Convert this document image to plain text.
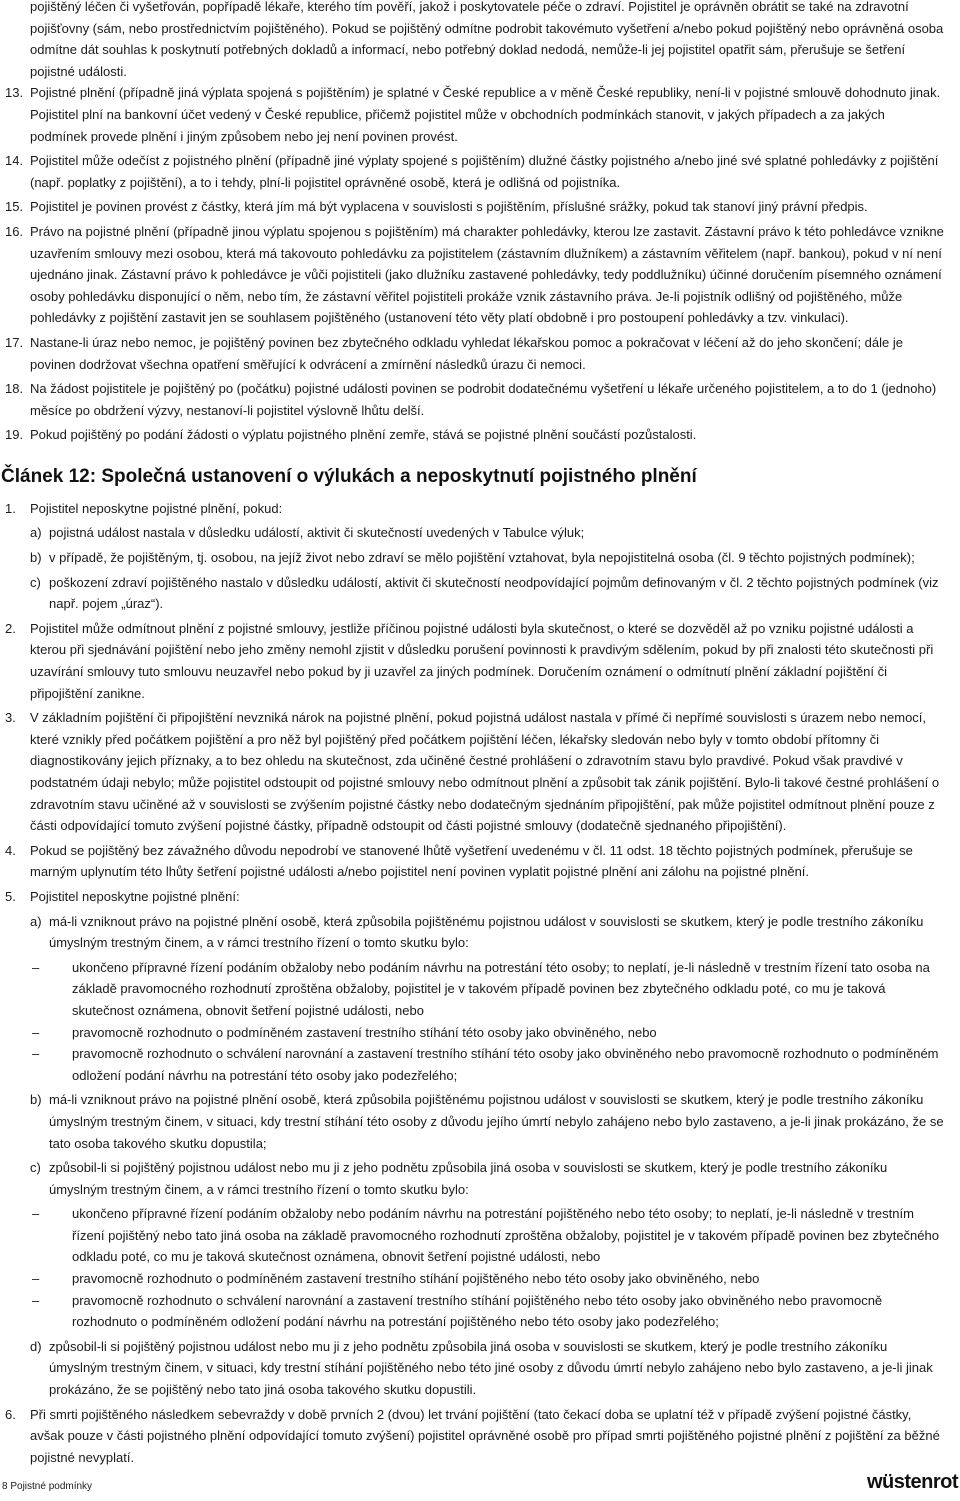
pojištěný léčen či vyšetřován, popřípadě lékaře, kterého tím pověří, jakož i poskytovatele péče o zdraví. Pojistitel je oprávněn obrátit se také na zdravotní pojišťovny (sám, nebo prostřednictvím pojištěného). Pokud se pojištěný odmítne podrobit takovémuto vyšetření a/nebo pokud pojištěný nebo oprávněná osoba odmítne dát souhlas k poskytnutí potřebných dokladů a informací, nebo potřebný doklad nedodá, nemůže-li jej pojistitel opatřit sám, přerušuje se šetření pojistné události.

13. Pojistné plnění (případně jiná výplata spojená s pojištěním) je splatné v České republice a v měně České republiky, není-li v pojistné smlouvě dohodnuto jinak. Pojistitel plní na bankovní účet vedený v České republice, přičemž pojistitel může v obchodních podmínkách stanovit, v jakých případech a za jakých podmínek provede plnění i jiným způsobem nebo jej není povinen provést.
14. Pojistitel může odečíst z pojistného plnění (případně jiné výplaty spojené s pojištěním) dlužné částky pojistného a/nebo jiné své splatné pohledávky z pojištění (např. poplatky z pojištění), a to i tehdy, plní-li pojistitel oprávněné osobě, která je odlišná od pojistníka.
15. Pojistitel je povinen provést z částky, která jím má být vyplacena v souvislosti s pojištěním, příslušné srážky, pokud tak stanoví jiný právní předpis.
16. Právo na pojistné plnění (případně jinou výplatu spojenou s pojištěním) má charakter pohledávky, kterou lze zastavit. Zástavní právo k této pohledávce vznikne uzavřením smlouvy mezi osobou, která má takovouto pohledávku za pojistitelem (zástavním dlužníkem) a zástavním věřitelem (např. bankou), pokud v ní není ujednáno jinak. Zástavní právo k pohledávce je vůči pojistiteli (jako dlužníku zastavené pohledávky, tedy poddlužníku) účinné doručením písemného oznámení osoby pohledávku disponující o něm, nebo tím, že zástavní věřitel pojistiteli prokáže vznik zástavního práva. Je-li pojistník odlišný od pojištěného, může pohledávky z pojištění zastavit jen se souhlasem pojištěného (ustanovení této věty platí obdobně i pro postoupení pohledávky a tzv. vinkulaci).
17. Nastane-li úraz nebo nemoc, je pojištěný povinen bez zbytečného odkladu vyhledat lékařskou pomoc a pokračovat v léčení až do jeho skončení; dále je povinen dodržovat všechna opatření směřující k odvrácení a zmírnění následků úrazu či nemoci.
18. Na žádost pojistitele je pojištěný po (počátku) pojistné události povinen se podrobit dodatečnému vyšetření u lékaře určeného pojistitelem, a to do 1 (jednoho) měsíce po obdržení výzvy, nestanoví-li pojistitel výslovně lhůtu delší.
19. Pokud pojištěný po podání žádosti o výplatu pojistného plnění zemře, stává se pojistné plnění součástí pozůstalosti.
Článek 12: Společná ustanovení o výlukách a neposkytnutí pojistného plnění
1.	Pojistitel neposkytne pojistné plnění, pokud:
a) pojistná událost nastala v důsledku událostí, aktivit či skutečností uvedených v Tabulce výluk;
b) v případě, že pojištěným, tj. osobou, na jejíž život nebo zdraví se mělo pojištění vztahovat, byla nepojistitelná osoba (čl. 9 těchto pojistných podmínek);
c) poškození zdraví pojištěného nastalo v důsledku událostí, aktivit či skutečností neodpovídající pojmům definovaným v čl. 2 těchto pojistných podmínek (viz např. pojem „úraz“).
2.	Pojistitel může odmítnout plnění z pojistné smlouvy, jestliže příčinou pojistné události byla skutečnost, o které se dozvěděl až po vzniku pojistné události a kterou při sjednávání pojištění nebo jeho změny nemohl zjistit v důsledku porušení povinnosti k pravdivým sdělením, pokud by při znalosti této skutečnosti při uzavírání smlouvy tuto smlouvu neuzavřel nebo pokud by ji uzavřel za jiných podmínek. Doručením oznámení o odmítnutí plnění základní pojištění či připojištění zanikne.
3.	V základním pojištění či připojištění nevzniká nárok na pojistné plnění, pokud pojistná událost nastala v přímé či nepřímé souvislosti s úrazem nebo nemocí, které vznikly před počátkem pojištění a pro něž byl pojištěný před počátkem pojištění léčen, lékařsky sledován nebo byly v tomto období přítomny či diagnostikovány jejich příznaky, a to bez ohledu na skutečnost, zda učiněné čestné prohlášení o zdravotním stavu bylo pravdivé. Pokud však pravdivé v podstatném údaji nebylo; může pojistitel odstoupit od pojistné smlouvy nebo odmítnout plnění a způsobit tak zánik pojištění. Bylo-li takové čestné prohlášení o zdravotním stavu učiněné až v souvislosti se zvýšením pojistné částky nebo dodatečným sjednáním připojištění, pak může pojistitel odmítnout plnění pouze z části odpovídající tomuto zvýšení pojistné částky, případně odstoupit od části pojistné smlouvy (dodatečně sjednaného připojištění).
4.	Pokud se pojištěný bez závažného důvodu nepodrobí ve stanovené lhůtě vyšetření uvedenému v čl. 11 odst. 18 těchto pojistných podmínek, přerušuje se marným uplynutím této lhůty šetření pojistné události a/nebo pojistitel není povinen vyplatit pojistné plnění ani zálohu na pojistné plnění.
5.	Pojistitel neposkytne pojistné plnění:
a) má-li vzniknout právo na pojistné plnění osobě, která způsobila pojištěnému pojistnou událost v souvislosti se skutkem, který je podle trestního zákoníku úmyslným trestným činem, a v rámci trestního řízení o tomto skutku bylo:
–	ukončeno přípravné řízení podáním obžaloby nebo podáním návrhu na potrestání této osoby; to neplatí, je-li následně v trestním řízení tato osoba na základě pravomocného rozhodnutí zproštěna obžaloby, pojistitel je v takovém případě povinen bez zbytečného odkladu poté, co mu je taková skutečnost oznámena, obnovit šetření pojistné události, nebo
–	pravomocně rozhodnuto o podmíněném zastavení trestního stíhání této osoby jako obviněného, nebo
–	pravomocně rozhodnuto o schválení narovnání a zastavení trestního stíhání této osoby jako obviněného nebo pravomocně rozhodnuto o podmíněném odložení podání návrhu na potrestání této osoby jako podezřelého;
b) má-li vzniknout právo na pojistné plnění osobě, která způsobila pojištěnému pojistnou událost v souvislosti se skutkem, který je podle trestního zákoníku úmyslným trestným činem, v situaci, kdy trestní stíhání této osoby z důvodu jejího úmrtí nebylo zahájeno nebo bylo zastaveno, a je-li jinak prokázáno, že se tato osoba takového skutku dopustila;
c) způsobil-li si pojištěný pojistnou událost nebo mu ji z jeho podnětu způsobila jiná osoba v souvislosti se skutkem, který je podle trestního zákoníku úmyslným trestným činem, a v rámci trestního řízení o tomto skutku bylo:
–	ukončeno přípravné řízení podáním obžaloby nebo podáním návrhu na potrestání pojištěného nebo této osoby; to neplatí, je-li následně v trestním řízení pojištěný nebo tato jiná osoba na základě pravomocného rozhodnutí zproštěna obžaloby, pojistitel je v takovém případě povinen bez zbytečného odkladu poté, co mu je taková skutečnost oznámena, obnovit šetření pojistné události, nebo
–	pravomocně rozhodnuto o podmíněném zastavení trestního stíhání pojištěného nebo této osoby jako obviněného, nebo
–	pravomocně rozhodnuto o schválení narovnání a zastavení trestního stíhání pojištěného nebo této osoby jako obviněného nebo pravomocně rozhodnuto o podmíněném odložení podání návrhu na potrestání pojištěného nebo této osoby jako podezřelého;
d) způsobil-li si pojištěný pojistnou událost nebo mu ji z jeho podnětu způsobila jiná osoba v souvislosti se skutkem, který je podle trestního zákoníku úmyslným trestným činem, v situaci, kdy trestní stíhání pojištěného nebo této jiné osoby z důvodu úmrtí nebylo zahájeno nebo bylo zastaveno, a je-li jinak prokázáno, že se pojištěný nebo tato jiná osoba takového skutku dopustili.
6.	Při smrti pojištěného následkem sebevraždy v době prvních 2 (dvou) let trvání pojištění (tato čekací doba se uplatní též v případě zvýšení pojistné částky, avšak pouze v části pojistného plnění odpovídající tomuto zvýšení) pojistitel oprávněné osobě pro případ smrti pojištěného pojistné plnění z pojištění za běžné pojistné nevyplatí.
8 Pojistné podmínky	wüstenrot
